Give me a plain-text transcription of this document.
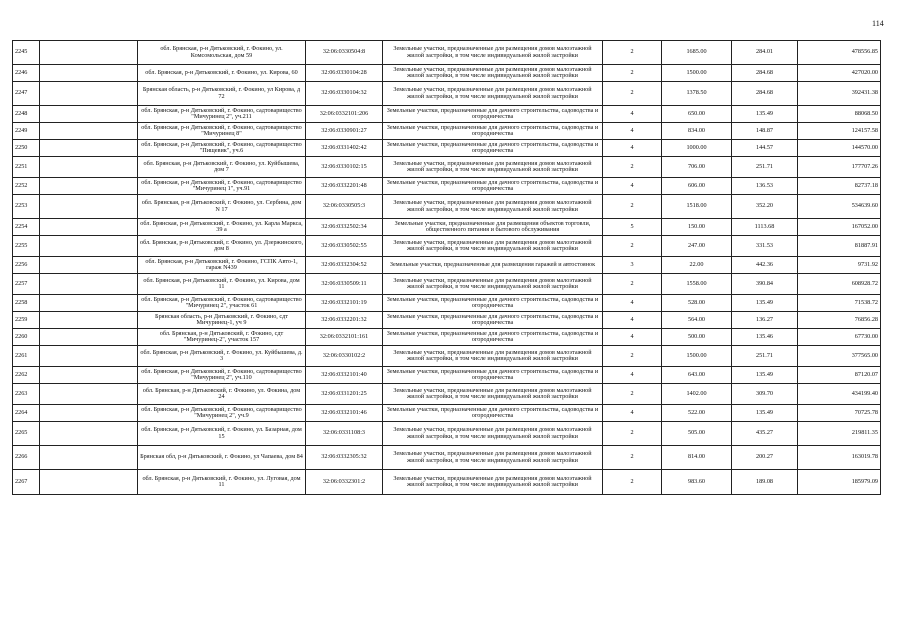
114
2245		обл. Брянская, р-н Дятьковский, г. Фокино, ул. Комсомольская, дом 59	32:06:0330504:8	Земельные участки, предназначенные для размещения домов малоэтажной жилой застройки, в том числе индивидуальной жилой застройки	2	1685.00	284.01	478556.85
2246		обл. Брянская, р-н Дятьковский, г. Фокино, ул. Кирова, 60	32:06:0330104:28	Земельные участки, предназначенные для размещения домов малоэтажной жилой застройки, в том числе индивидуальной жилой застройки	2	1500.00	284.68	427020.00
2247		Брянская область, р-н Дятьковский, г. Фокино, ул Кирова, д 72	32:06:0330104:32	Земельные участки, предназначенные для размещения домов малоэтажной жилой застройки, в том числе индивидуальной жилой застройки	2	1378.50	284.68	392431.38
2248		обл. Брянская, р-н Дятьковский, г. Фокино, садтоварищество "Мичуринец 2", уч.211	32:06:0332101:206	Земельные участки, предназначенные для дачного строительства, садоводства и огородничества	4	650.00	135.49	88068.50
2249		обл. Брянская, р-н Дятьковский, г. Фокино, садтоварищество "Мичуринец 8"	32:06:0330901:27	Земельные участки, предназначенные для дачного строительства, садоводства и огородничества	4	834.00	148.87	124157.58
2250		обл. Брянская, р-н Дятьковский, г. Фокино, садтоварищество "Пищевик", уч.6	32:06:0331402:42	Земельные участки, предназначенные для дачного строительства, садоводства и огородничества	4	1000.00	144.57	144570.00
2251		обл. Брянская, р-н Дятьковский, г. Фокино, ул. Куйбышева, дом 7	32:06:0330102:15	Земельные участки, предназначенные для размещения домов малоэтажной жилой застройки, в том числе индивидуальной жилой застройки	2	706.00	251.71	177707.26
2252		обл. Брянская, р-н Дятьковский, г. Фокино, садтоварищество "Мичуринец 1", уч.91	32:06:0332201:48	Земельные участки, предназначенные для дачного строительства, садоводства и огородничества	4	606.00	136.53	82737.18
2253		обл. Брянская, р-н Дятьковский, г. Фокино, ул. Сербина, дом N 17	32:06:0330505:3	Земельные участки, предназначенные для размещения домов малоэтажной жилой застройки, в том числе индивидуальной жилой застройки	2	1518.00	352.20	534639.60
2254		обл. Брянская, р-н Дятьковский, г. Фокино, ул. Карла Маркса, 39 а	32:06:0332502:34	Земельные участки, предназначенные для размещения объектов торговли, общественного питания и бытового обслуживания	5	150.00	1113.68	167052.00
2255		обл. Брянская, р-н Дятьковский, г. Фокино, ул. Дзержинского, дом 8	32:06:0330502:55	Земельные участки, предназначенные для размещения домов малоэтажной жилой застройки, в том числе индивидуальной жилой застройки	2	247.00	331.53	81887.91
2256		обл. Брянская, р-н Дятьковский, г. Фокино, ГСПК Авто-1, гараж N439	32:06:0332304:52	Земельные участки, предназначенные для размещения гаражей и автостоянок	3	22.00	442.36	9731.92
2257		обл. Брянская, р-н Дятьковский, г. Фокино, ул. Кирова, дом 11	32:06:0330509:11	Земельные участки, предназначенные для размещения домов малоэтажной жилой застройки, в том числе индивидуальной жилой застройки	2	1558.00	390.84	608928.72
2258		обл. Брянская, р-н Дятьковский, г. Фокино, садтоварищество "Мичуринец 2", участок 61	32:06:0332101:19	Земельные участки, предназначенные для дачного строительства, садоводства и огородничества	4	528.00	135.49	71538.72
2259		Брянская область, р-н Дятьковский, г. Фокино, сдт Мичуринец-1, уч 9	32:06:0332201:32	Земельные участки, предназначенные для дачного строительства, садоводства и огородничества	4	564.00	136.27	76856.28
2260		обл. Брянская, р-н Дятьковский, г. Фокино, сдт "Мичуринец-2", участок 157	32:06:0332101:161	Земельные участки, предназначенные для дачного строительства, садоводства и огородничества	4	500.00	135.46	67730.00
2261		обл. Брянская, р-н Дятьковский, г. Фокино, ул. Куйбышева, д. 3	32:06:0330102:2	Земельные участки, предназначенные для размещения домов малоэтажной жилой застройки, в том числе индивидуальной жилой застройки	2	1500.00	251.71	377565.00
2262		обл. Брянская, р-н Дятьковский, г. Фокино, садтоварищество "Мичуринец 2", уч.110	32:06:0332101:40	Земельные участки, предназначенные для дачного строительства, садоводства и огородничества	4	643.00	135.49	87120.07
2263		обл. Брянская, р-н Дятьковский, г. Фокино, ул. Фокина, дом 24	32:06:0331201:25	Земельные участки, предназначенные для размещения домов малоэтажной жилой застройки, в том числе индивидуальной жилой застройки	2	1402.00	309.70	434199.40
2264		обл. Брянская, р-н Дятьковский, г. Фокино, садтоварищество "Мичуринец 2", уч.9	32:06:0332101:46	Земельные участки, предназначенные для дачного строительства, садоводства и огородничества	4	522.00	135.49	70725.78
2265		обл. Брянская, р-н Дятьковский, г. Фокино, ул. Базарная, дом 15	32:06:0331108:3	Земельные участки, предназначенные для размещения домов малоэтажной жилой застройки, в том числе индивидуальной жилой застройки	2	505.00	435.27	219811.35
2266		Брянская обл, р-н Дятьковский, г. Фокино, ул Чапаева, дом 84	32:06:0332305:32	Земельные участки, предназначенные для размещения домов малоэтажной жилой застройки, в том числе индивидуальной жилой застройки	2	814.00	200.27	163019.78
2267		обл. Брянская, р-н Дятьковский, г. Фокино, ул. Луговая, дом 11	32:06:0332301:2	Земельные участки, предназначенные для размещения домов малоэтажной жилой застройки, в том числе индивидуальной жилой застройки	2	983.60	189.08	185979.09
